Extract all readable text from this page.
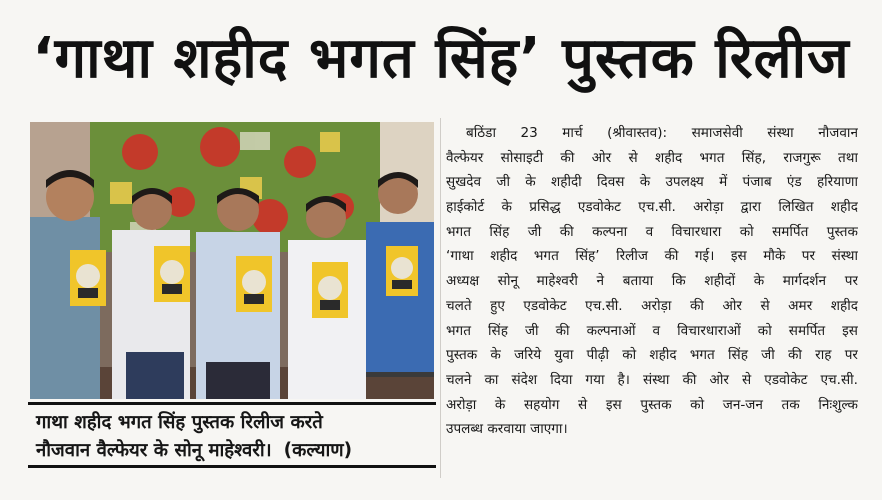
‘गाथा शहीद भगत सिंह’ पुस्तक रिलीज
गाथा शहीद भगत सिंह पुस्तक रिलीज करते
नौजवान वैल्फेयर के सोनू माहेश्वरी। (कल्याण)
बठिंडा 23 मार्च (श्रीवास्तव): समाजसेवी संस्था नौजवान
वैल्फेयर सोसाइटी की ओर से शहीद भगत सिंह, राजगुरू तथा
सुखदेव जी के शहीदी दिवस के उपलक्ष्य में पंजाब एंड हरियाणा
हाईकोर्ट के प्रसिद्ध एडवोकेट एच.सी. अरोड़ा द्वारा लिखित शहीद
भगत सिंह जी की कल्पना व विचारधारा को समर्पित पुस्तक
‘गाथा शहीद भगत सिंह’ रिलीज की गई। इस मौके पर संस्था
अध्यक्ष सोनू माहेश्वरी ने बताया कि शहीदों के मार्गदर्शन पर
चलते हुए एडवोकेट एच.सी. अरोड़ा की ओर से अमर शहीद
भगत सिंह जी की कल्पनाओं व विचारधाराओं को समर्पित इस
पुस्तक के जरिये युवा पीढ़ी को शहीद भगत सिंह जी की राह पर
चलने का संदेश दिया गया है। संस्था की ओर से एडवोकेट एच.सी.
अरोड़ा के सहयोग से इस पुस्तक को जन-जन तक निःशुल्क
उपलब्ध करवाया जाएगा।
